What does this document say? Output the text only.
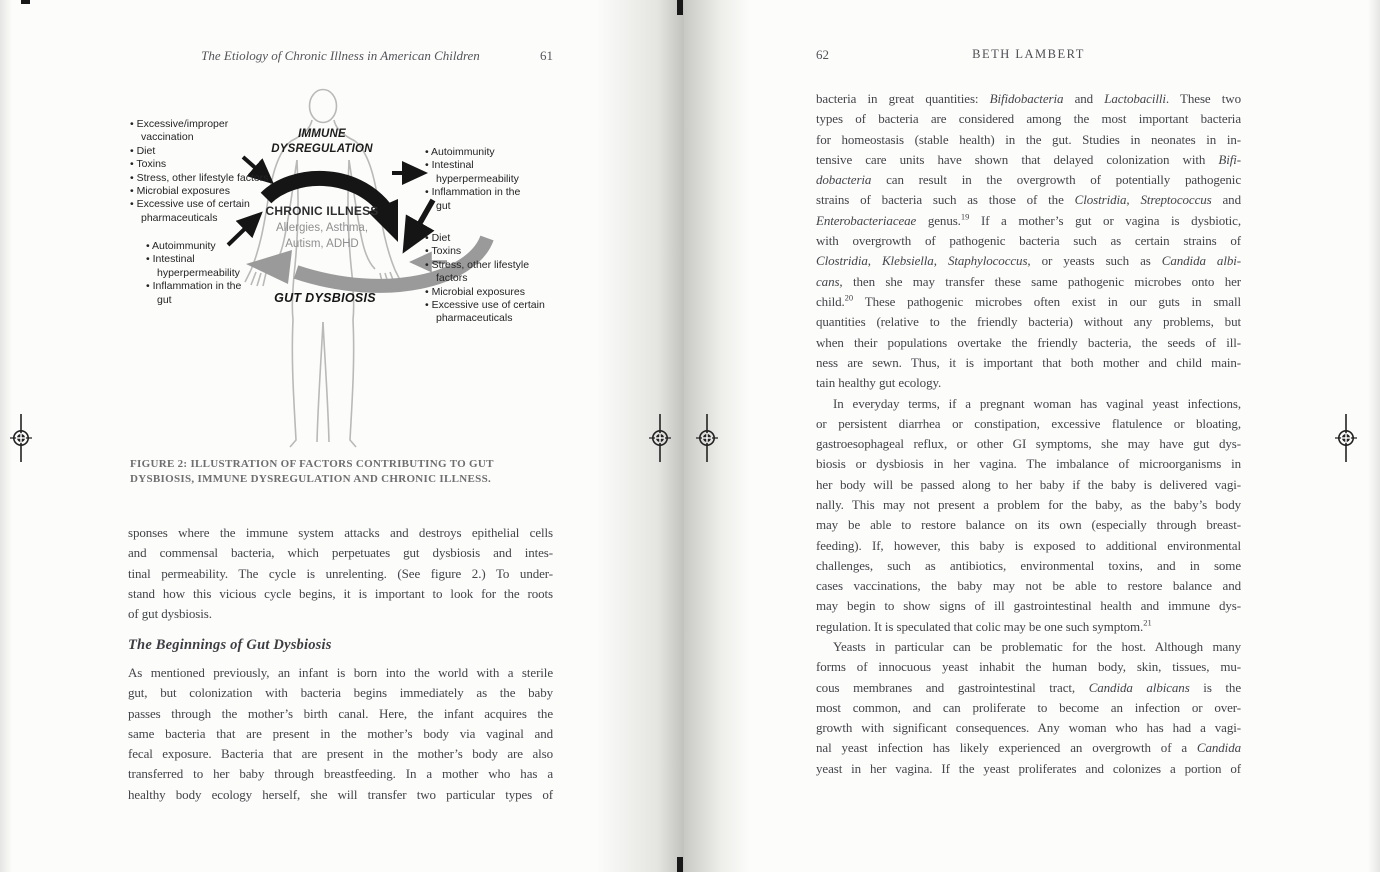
The Etiology of Chronic Illness in American Children	61
IMMUNE
DYSREGULATION
CHRONIC ILLNESS
Allergies, Asthma,
Autism, ADHD
GUT DYSBIOSIS
• Excessive/improper vaccination
• Diet
• Toxins
• Stress, other lifestyle factors
• Microbial exposures
• Excessive use of certain pharmaceuticals
• Autoimmunity
• Intestinal hyperpermeability
• Inflammation in the gut
• Autoimmunity
• Intestinal hyperpermeability
• Inflammation in the gut
• Diet
• Toxins
• Stress, other lifestyle factors
• Microbial exposures
• Excessive use of certain pharmaceuticals
FIGURE 2: ILLUSTRATION OF FACTORS CONTRIBUTING TO GUT
DYSBIOSIS, IMMUNE DYSREGULATION AND CHRONIC ILLNESS.
sponses where the immune system attacks and destroys epithelial cells
and commensal bacteria, which perpetuates gut dysbiosis and intes-
tinal permeability. The cycle is unrelenting. (See figure 2.) To under-
stand how this vicious cycle begins, it is important to look for the roots
of gut dysbiosis.
The Beginnings of Gut Dysbiosis
As mentioned previously, an infant is born into the world with a sterile
gut, but colonization with bacteria begins immediately as the baby
passes through the mother’s birth canal. Here, the infant acquires the
same bacteria that are present in the mother’s body via vaginal and
fecal exposure. Bacteria that are present in the mother’s body are also
transferred to her baby through breastfeeding. In a mother who has a
healthy body ecology herself, she will transfer two particular types of
62	BETH LAMBERT
bacteria in great quantities: Bifidobacteria and Lactobacilli. These two
types of bacteria are considered among the most important bacteria
for homeostasis (stable health) in the gut. Studies in neonates in in-
tensive care units have shown that delayed colonization with Bifi-
dobacteria can result in the overgrowth of potentially pathogenic
strains of bacteria such as those of the Clostridia, Streptococcus and
Enterobacteriaceae genus.$^{19}$ If a mother’s gut or vagina is dysbiotic,
with overgrowth of pathogenic bacteria such as certain strains of
Clostridia, Klebsiella, Staphylococcus, or yeasts such as Candida albi-
cans, then she may transfer these same pathogenic microbes onto her
child.$^{20}$ These pathogenic microbes often exist in our guts in small
quantities (relative to the friendly bacteria) without any problems, but
when their populations overtake the friendly bacteria, the seeds of ill-
ness are sewn. Thus, it is important that both mother and child main-
tain healthy gut ecology.
In everyday terms, if a pregnant woman has vaginal yeast infections,
or persistent diarrhea or constipation, excessive flatulence or bloating,
gastroesophageal reflux, or other GI symptoms, she may have gut dys-
biosis or dysbiosis in her vagina. The imbalance of microorganisms in
her body will be passed along to her baby if the baby is delivered vagi-
nally. This may not present a problem for the baby, as the baby’s body
may be able to restore balance on its own (especially through breast-
feeding). If, however, this baby is exposed to additional environmental
challenges, such as antibiotics, environmental toxins, and in some
cases vaccinations, the baby may not be able to restore balance and
may begin to show signs of ill gastrointestinal health and immune dys-
regulation. It is speculated that colic may be one such symptom.$^{21}$
Yeasts in particular can be problematic for the host. Although many
forms of innocuous yeast inhabit the human body, skin, tissues, mu-
cous membranes and gastrointestinal tract, Candida albicans is the
most common, and can proliferate to become an infection or over-
growth with significant consequences. Any woman who has had a vagi-
nal yeast infection has likely experienced an overgrowth of a Candida
yeast in her vagina. If the yeast proliferates and colonizes a portion of
